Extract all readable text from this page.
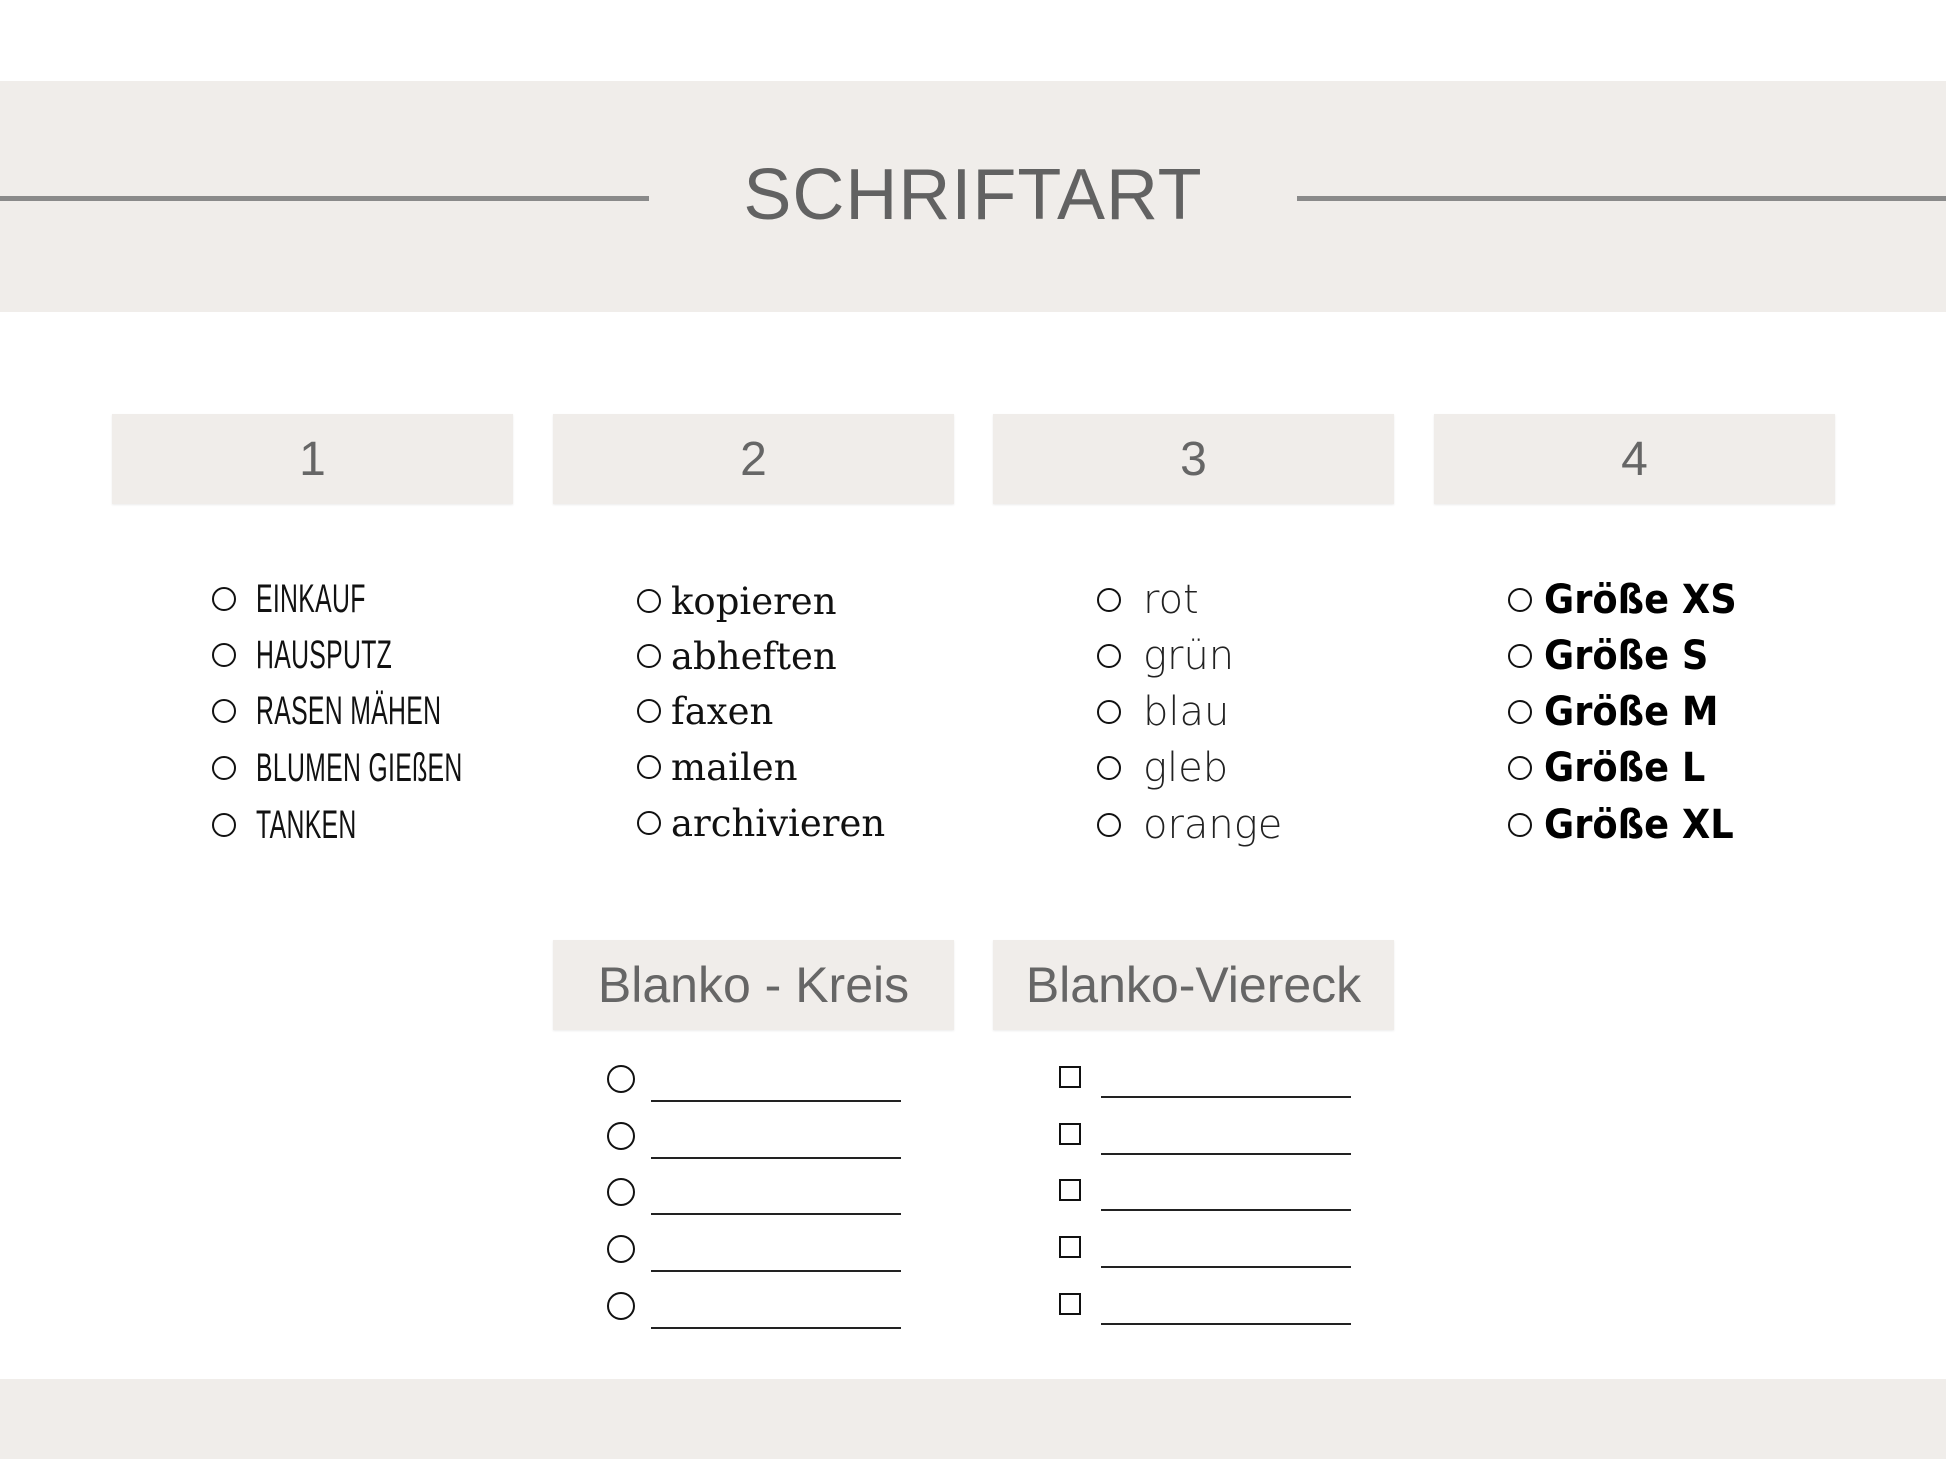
SCHRIFTART
1	2	3	4
EINKAUF
HAUSPUTZ
RASEN MÄHEN
BLUMEN GIEßEN
TANKEN
kopieren
abheften
faxen
mailen
archivieren
rot
grün
blau
gleb
orange
Größe XS
Größe S
Größe M
Größe L
Größe XL
Blanko - Kreis	Blanko-Viereck
